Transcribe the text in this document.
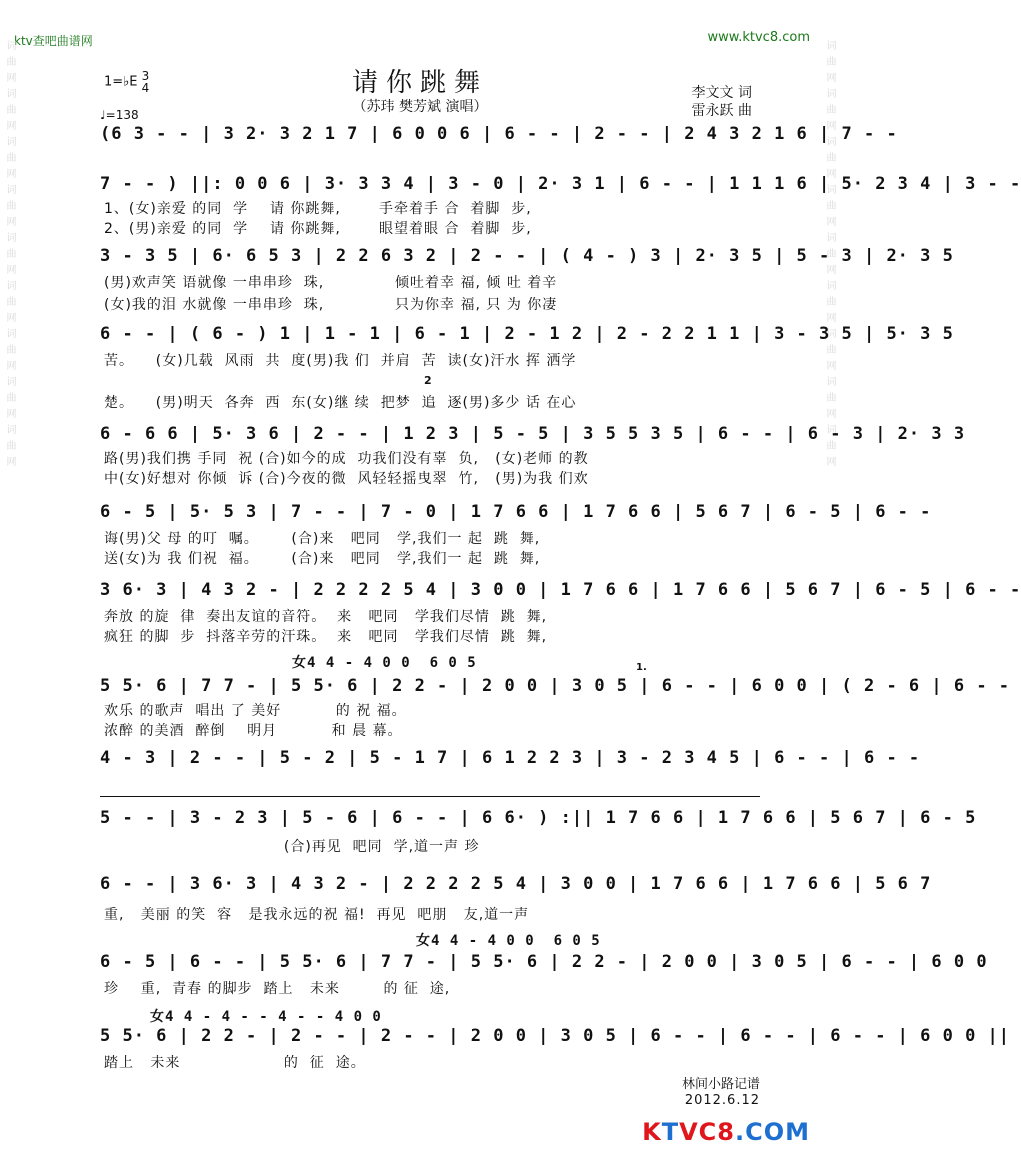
ktv查吧曲谱网	www.ktvc8.com
词曲网词曲网词曲网词曲网词曲网词曲网词曲网词曲网词曲网	词曲网词曲网词曲网词曲网词曲网词曲网词曲网词曲网词曲网
请你跳舞
（苏玮 樊芳斌 演唱）
1=♭E 3
4
♩=138
李文文 词
雷永跃 曲
(6 3 - - | 3 2· 3 2 1 7 | 6 0 0 6 | 6 - - | 2 - - | 2 4 3 2 1 6 | 7 - -
7 - - ) ||: 0 0 6 | 3· 3 3 4 | 3 - 0 | 2· 3 1 | 6 - - | 1 1 1 6 | 5· 2 3 4 | 3 - -
1、(女)亲爱 的同  学    请 你跳舞,       手牵着手 合  着脚  步,
2、(男)亲爱 的同  学    请 你跳舞,       眼望着眼 合  着脚  步,
3 - 3 5 | 6· 6 5 3 | 2 2 6 3 2 | 2 - - | ( 4 - ) 3 | 2· 3 5 | 5 - 3 | 2· 3 5
(男)欢声笑 语就像 一串串珍  珠,             倾吐着幸 福, 倾 吐 着辛
(女)我的泪 水就像 一串串珍  珠,             只为你幸 福, 只 为 你凄
6 - - | ( 6 - ) 1 | 1 - 1 | 6 - 1 | 2 - 1 2 | 2 - 2 2 1 1 | 3 - 3 5 | 5· 3 5
苦。    (女)几载  风雨  共  度(男)我 们  并肩  苦  读(女)汗水 挥 洒学
2
楚。    (男)明天  各奔  西  东(女)继 续  把梦  追  逐(男)多少 话 在心
6 - 6 6 | 5· 3 6 | 2 - - | 1 2 3 | 5 - 5 | 3 5 5 3 5 | 6 - - | 6 - 3 | 2· 3 3
路(男)我们携 手同  祝 (合)如今的成  功我们没有辜  负,   (女)老师 的教
中(女)好想对 你倾  诉 (合)今夜的微  风轻轻摇曳翠  竹,   (男)为我 们欢
6 - 5 | 5· 5 3 | 7 - - | 7 - 0 | 1 7 6 6 | 1 7 6 6 | 5 6 7 | 6 - 5 | 6 - -
诲(男)父 母 的叮  嘱。      (合)来   吧同   学,我们一 起  跳  舞,
送(女)为 我 们祝  福。      (合)来   吧同   学,我们一 起  跳  舞,
3 6· 3 | 4 3 2 - | 2 2 2 2 5 4 | 3 0 0 | 1 7 6 6 | 1 7 6 6 | 5 6 7 | 6 - 5 | 6 - -
奔放 的旋  律  奏出友谊的音符。  来   吧同   学我们尽情  跳  舞,
疯狂 的脚  步  抖落辛劳的汗珠。  来   吧同   学我们尽情  跳  舞,
女4 4 - 4 0 0  6 0 5
5 5· 6 | 7 7 - | 5 5· 6 | 2 2 - | 2 0 0 | 3 0 5 | 6 - - | 6 0 0 | ( 2 - 6 | 6 - -
1.
欢乐 的歌声  唱出 了 美好          的 祝 福。
浓醉 的美酒  醉倒    明月          和 晨 幕。
4 - 3 | 2 - - | 5 - 2 | 5 - 1 7 | 6 1 2 2 3 | 3 - 2 3 4 5 | 6 - - | 6 - -
5 - - | 3 - 2 3 | 5 - 6 | 6 - - | 6 6· ) :|| 1 7 6 6 | 1 7 6 6 | 5 6 7 | 6 - 5
(合)再见  吧同  学,道一声 珍
6 - - | 3 6· 3 | 4 3 2 - | 2 2 2 2 5 4 | 3 0 0 | 1 7 6 6 | 1 7 6 6 | 5 6 7
重,   美丽 的笑  容   是我永远的祝 福!  再见  吧朋   友,道一声
女4 4 - 4 0 0  6 0 5
6 - 5 | 6 - - | 5 5· 6 | 7 7 - | 5 5· 6 | 2 2 - | 2 0 0 | 3 0 5 | 6 - - | 6 0 0
珍    重,  青春 的脚步  踏上   未来        的 征  途,
女4 4 - 4 - - 4 - - 4 0 0
5 5· 6 | 2 2 - | 2 - - | 2 - - | 2 0 0 | 3 0 5 | 6 - - | 6 - - | 6 - - | 6 0 0 ||
踏上   未来                   的  征  途。
林间小路记谱
2012.6.12
KTVC8.COM
